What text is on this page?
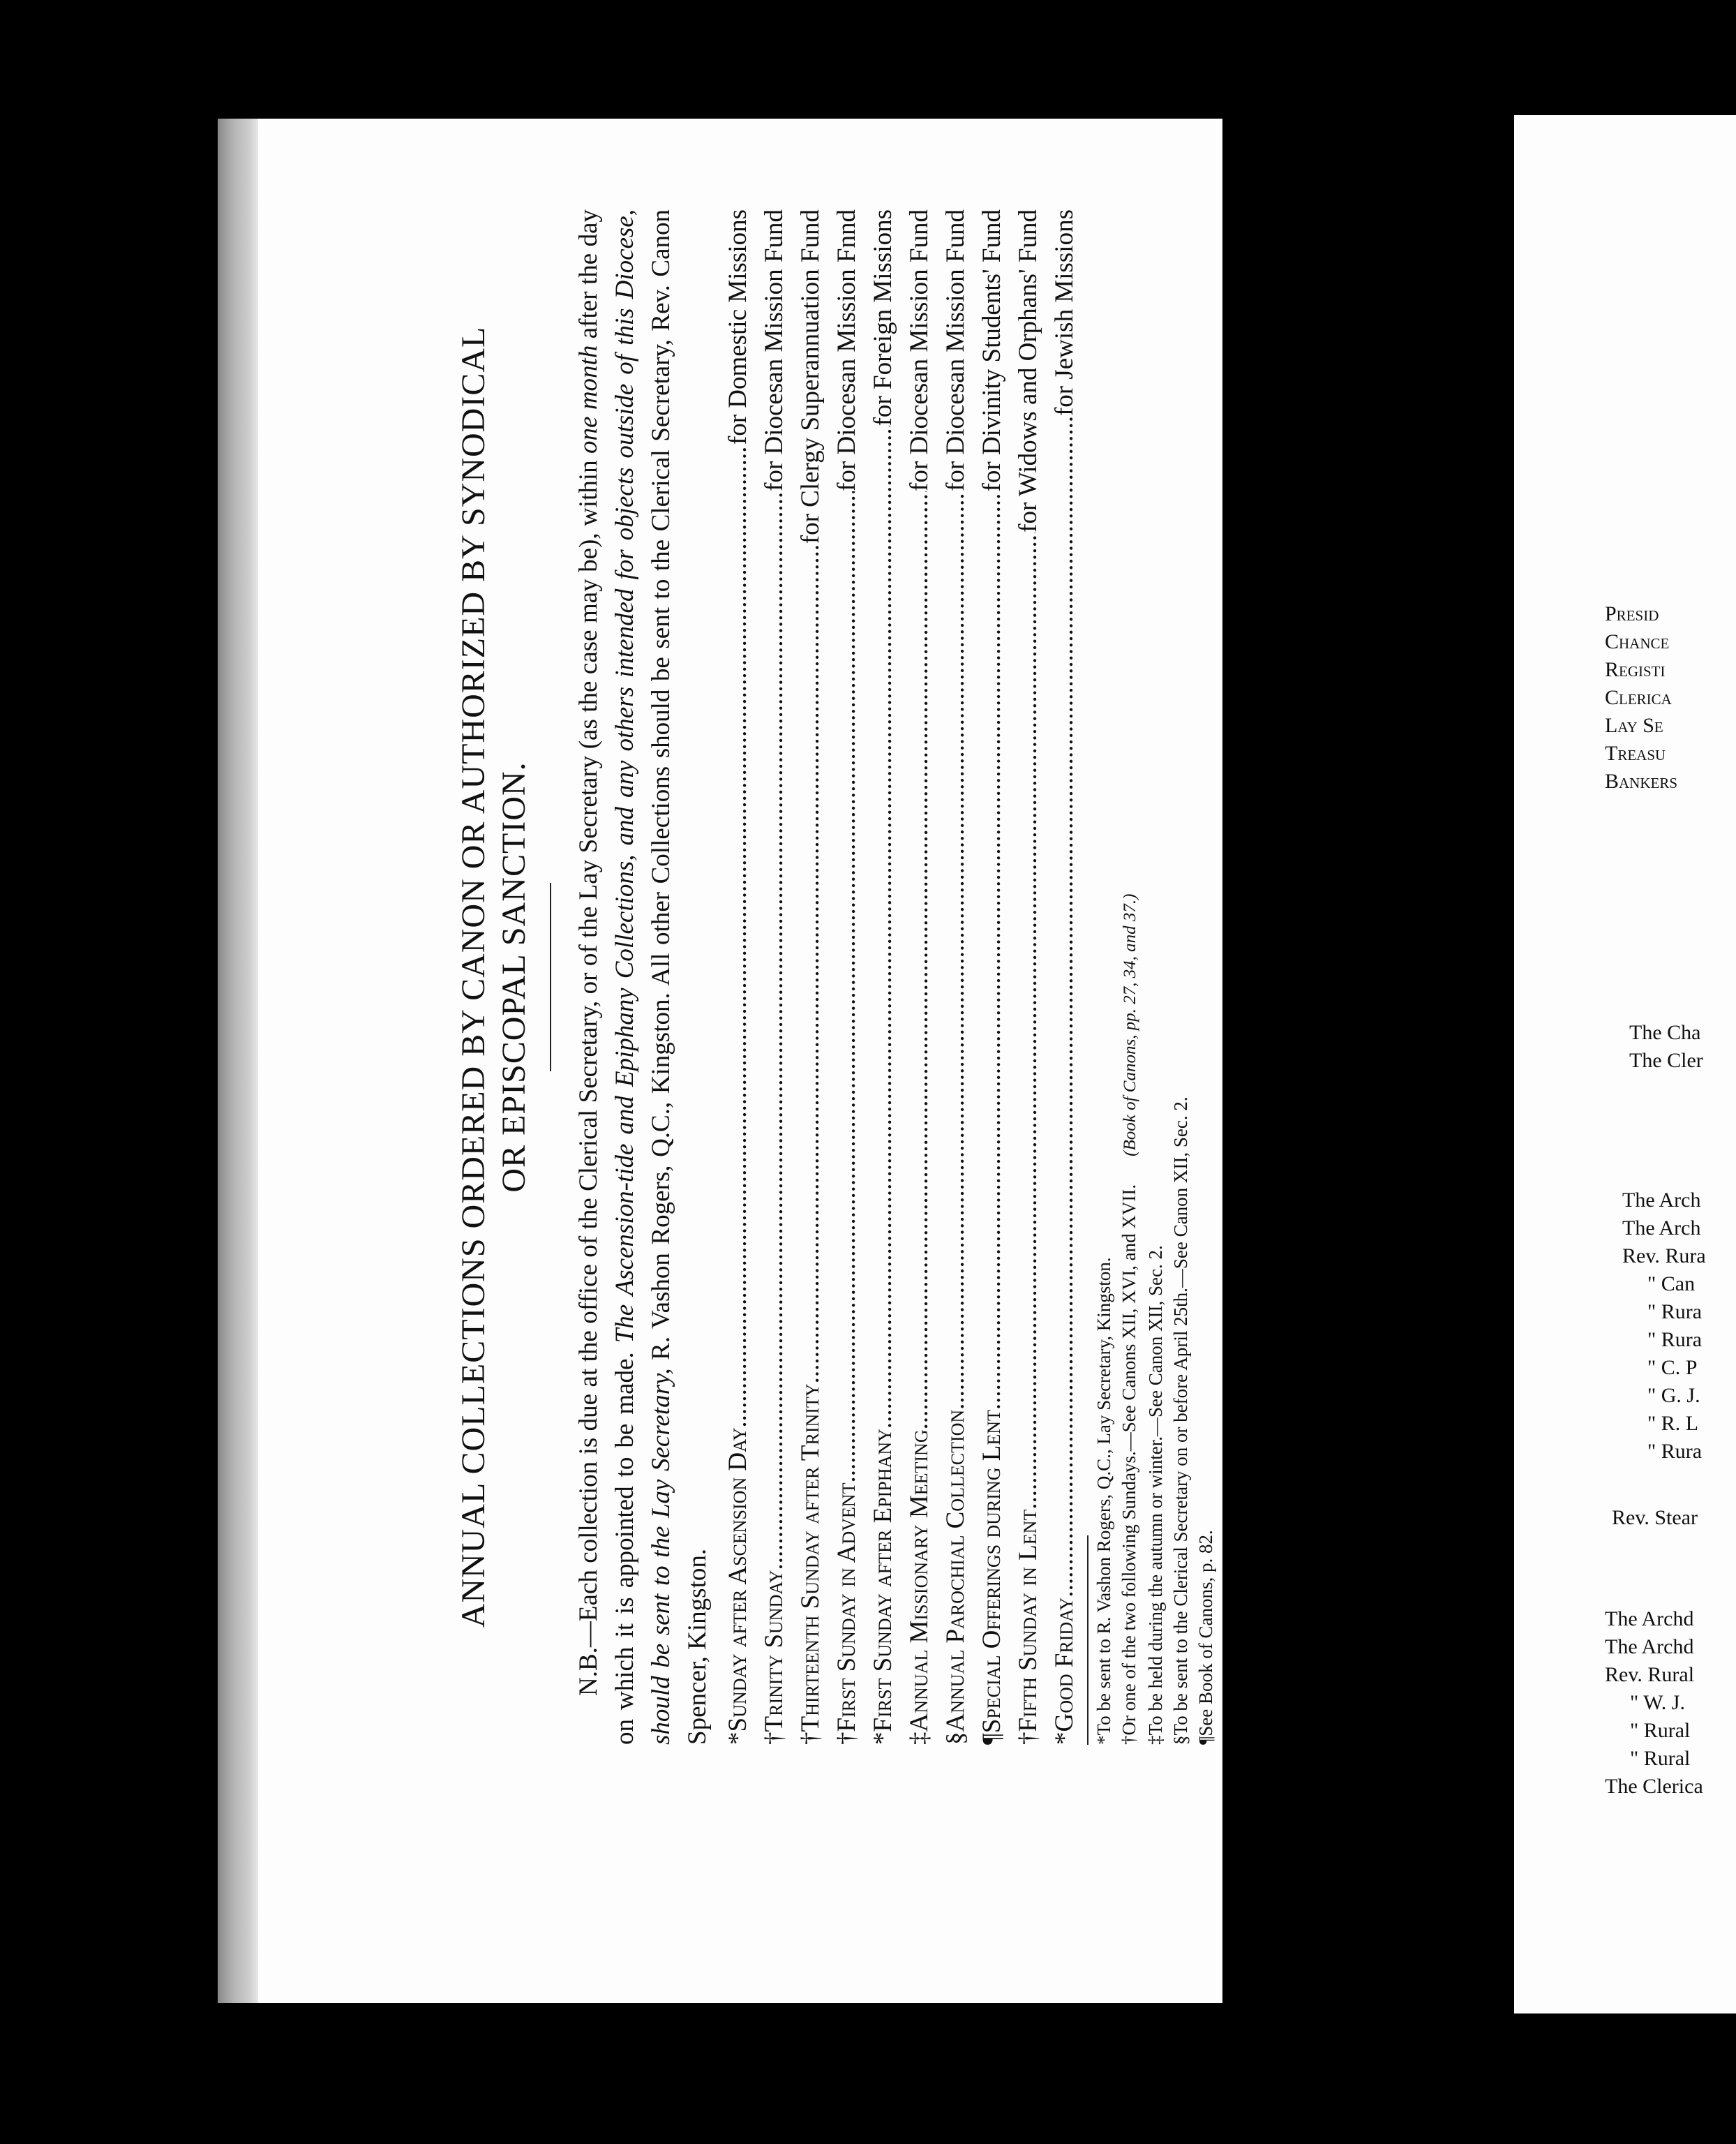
ANNUAL COLLECTIONS ORDERED BY CANON OR AUTHORIZED BY SYNODICAL OR EPISCOPAL SANCTION. N.B.—Each collection is due at the office of the Clerical Secretary, or of the Lay Secretary (as the case may be), within one month after the day on which it is appointed to be made. The Ascension-tide and Epiphany Collections, and any others intended for objects outside of this Diocese, should be sent to the Lay Secretary, R. Vashon Rogers, Q.C., Kingston. All other Collections should be sent to the Clerical Secretary, Rev. Canon Spencer, Kingston. *Sunday after Ascension Day
.....
for Domestic Missions
†Trinity Sunday
.....
for Diocesan Mission Fund
†Thirteenth Sunday after Trinity
.....
for Clergy Superannuation Fund
†First Sunday in Advent
.....
for Diocesan Mission Fnnd
*First Sunday after Epiphany
.....
for Foreign Missions
‡Annual Missionary Meeting
.....
for Diocesan Mission Fund
§Annual Parochial Collection
.....
for Diocesan Mission Fund
¶Special Offerings during Lent
.....
for Divinity Students' Fund
†Fifth Sunday in Lent
.....
for Widows and Orphans' Fund
*Good Friday
.....
for Jewish Missions
*To be sent to R. Vashon Rogers, Q.C., Lay Secretary, Kingston. †Or one of the two following Sundays.—See Canons XII, XVI, and XVII.(Book of Canons, pp. 27, 34, and 37.)
‡To be held during the autumn or winter.—See Canon XII, Sec. 2. §To be sent to the Clerical Secretary on or before April 25th.—See Canon XII, Sec. 2. ¶See Book of Canons, p. 82.
Presid
Chance
Registi
Clerica
Lay Se
Treasu
Bankers
The Cha
The Cler
The Arch
The Arch
Rev. Rura
" Can
" Rura
" Rura
" C. P
" G. J.
" R. L
" Rura
Rev. Stear
The Archd
The Archd
Rev. Rural
" W. J.
" Rural
" Rural
The Clerica
